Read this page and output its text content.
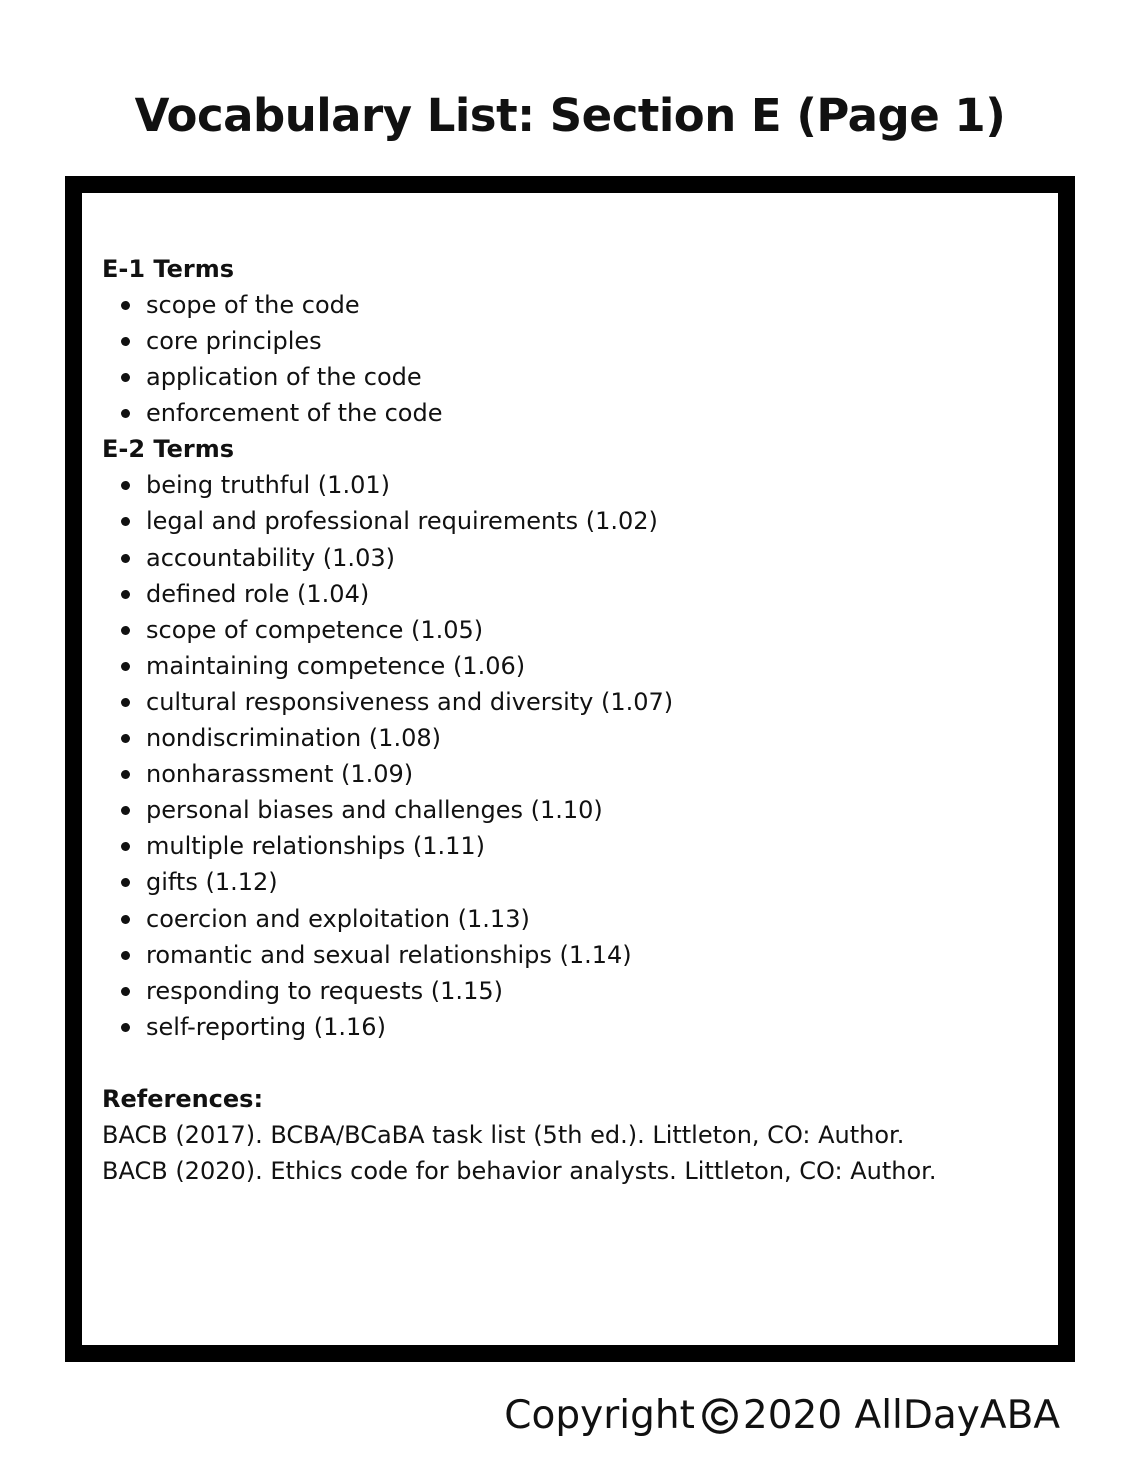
Vocabulary List: Section E (Page 1)
E-1 Terms
scope of the code
core principles
application of the code
enforcement of the code
E-2 Terms
being truthful (1.01)
legal and professional requirements (1.02)
accountability (1.03)
defined role (1.04)
scope of competence (1.05)
maintaining competence (1.06)
cultural responsiveness and diversity (1.07)
nondiscrimination (1.08)
nonharassment (1.09)
personal biases and challenges (1.10)
multiple relationships (1.11)
gifts (1.12)
coercion and exploitation (1.13)
romantic and sexual relationships (1.14)
responding to requests (1.15)
self-reporting (1.16)
References:
BACB (2017). BCBA/BCaBA task list (5th ed.). Littleton, CO: Author.
BACB (2020). Ethics code for behavior analysts. Littleton, CO: Author.
Copyright 2020 AllDayABA
